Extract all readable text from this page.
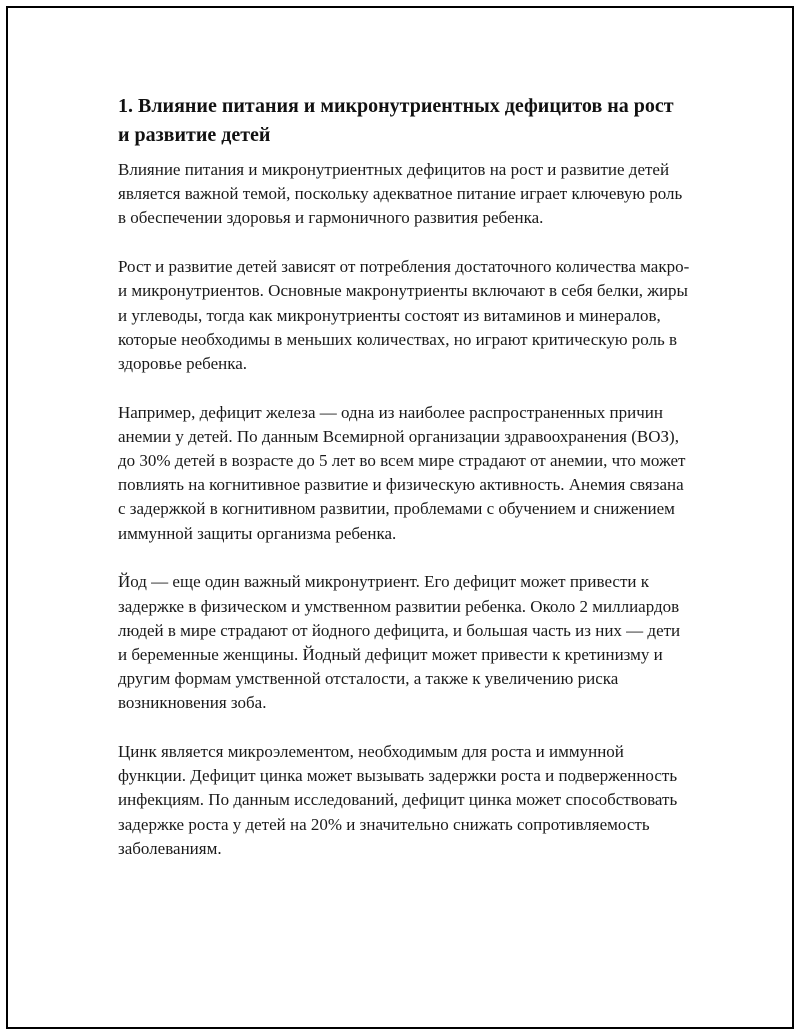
1. Влияние питания и микронутриентных дефицитов на рост и развитие детей

Влияние питания и микронутриентных дефицитов на рост и развитие детей является важной темой, поскольку адекватное питание играет ключевую роль в обеспечении здоровья и гармоничного развития ребенка.

Рост и развитие детей зависят от потребления достаточного количества макро- и микронутриентов. Основные макронутриенты включают в себя белки, жиры и углеводы, тогда как микронутриенты состоят из витаминов и минералов, которые необходимы в меньших количествах, но играют критическую роль в здоровье ребенка.

Например, дефицит железа — одна из наиболее распространенных причин анемии у детей. По данным Всемирной организации здравоохранения (ВОЗ), до 30% детей в возрасте до 5 лет во всем мире страдают от анемии, что может повлиять на когнитивное развитие и физическую активность. Анемия связана с задержкой в когнитивном развитии, проблемами с обучением и снижением иммунной защиты организма ребенка.

Йод — еще один важный микронутриент. Его дефицит может привести к задержке в физическом и умственном развитии ребенка. Около 2 миллиардов людей в мире страдают от йодного дефицита, и большая часть из них — дети и беременные женщины. Йодный дефицит может привести к кретинизму и другим формам умственной отсталости, а также к увеличению риска возникновения зоба.

Цинк является микроэлементом, необходимым для роста и иммунной функции. Дефицит цинка может вызывать задержки роста и подверженность инфекциям. По данным исследований, дефицит цинка может способствовать задержке роста у детей на 20% и значительно снижать сопротивляемость заболеваниям.
